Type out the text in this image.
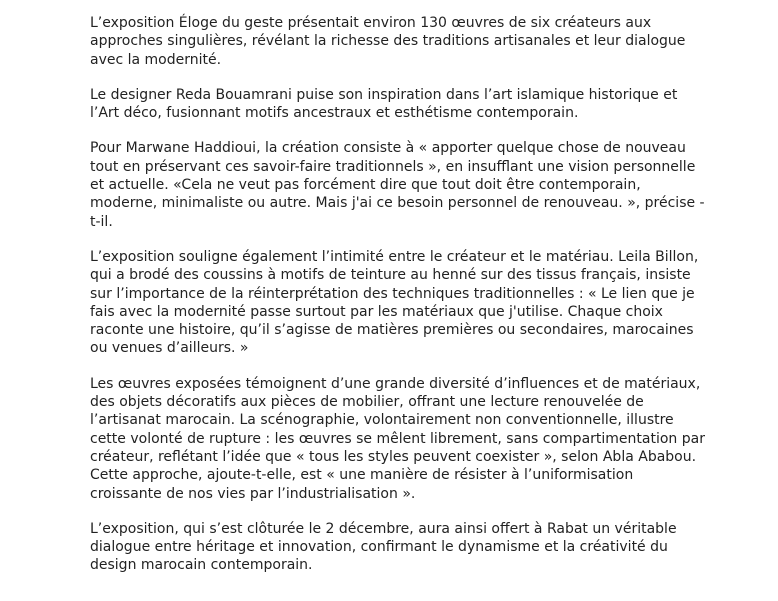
L’exposition Éloge du geste présentait environ 130 œuvres de six créateurs aux
approches singulières, révélant la richesse des traditions artisanales et leur dialogue
avec la modernité.

Le designer Reda Bouamrani puise son inspiration dans l’art islamique historique et
l’Art déco, fusionnant motifs ancestraux et esthétisme contemporain.

Pour Marwane Haddioui, la création consiste à « apporter quelque chose de nouveau
tout en préservant ces savoir-faire traditionnels », en insufflant une vision personnelle
et actuelle. «Cela ne veut pas forcément dire que tout doit être contemporain,
moderne, minimaliste ou autre. Mais j'ai ce besoin personnel de renouveau. », précise -
t-il.

L’exposition souligne également l’intimité entre le créateur et le matériau. Leila Billon,
qui a brodé des coussins à motifs de teinture au henné sur des tissus français, insiste
sur l’importance de la réinterprétation des techniques traditionnelles : « Le lien que je
fais avec la modernité passe surtout par les matériaux que j'utilise. Chaque choix
raconte une histoire, qu’il s’agisse de matières premières ou secondaires, marocaines
ou venues d’ailleurs. »

Les œuvres exposées témoignent d’une grande diversité d’influences et de matériaux,
des objets décoratifs aux pièces de mobilier, offrant une lecture renouvelée de
l’artisanat marocain. La scénographie, volontairement non conventionnelle, illustre
cette volonté de rupture : les œuvres se mêlent librement, sans compartimentation par
créateur, reflétant l’idée que « tous les styles peuvent coexister », selon Abla Ababou.
Cette approche, ajoute-t-elle, est « une manière de résister à l’uniformisation
croissante de nos vies par l’industrialisation ».

L’exposition, qui s’est clôturée le 2 décembre, aura ainsi offert à Rabat un véritable
dialogue entre héritage et innovation, confirmant le dynamisme et la créativité du
design marocain contemporain.
